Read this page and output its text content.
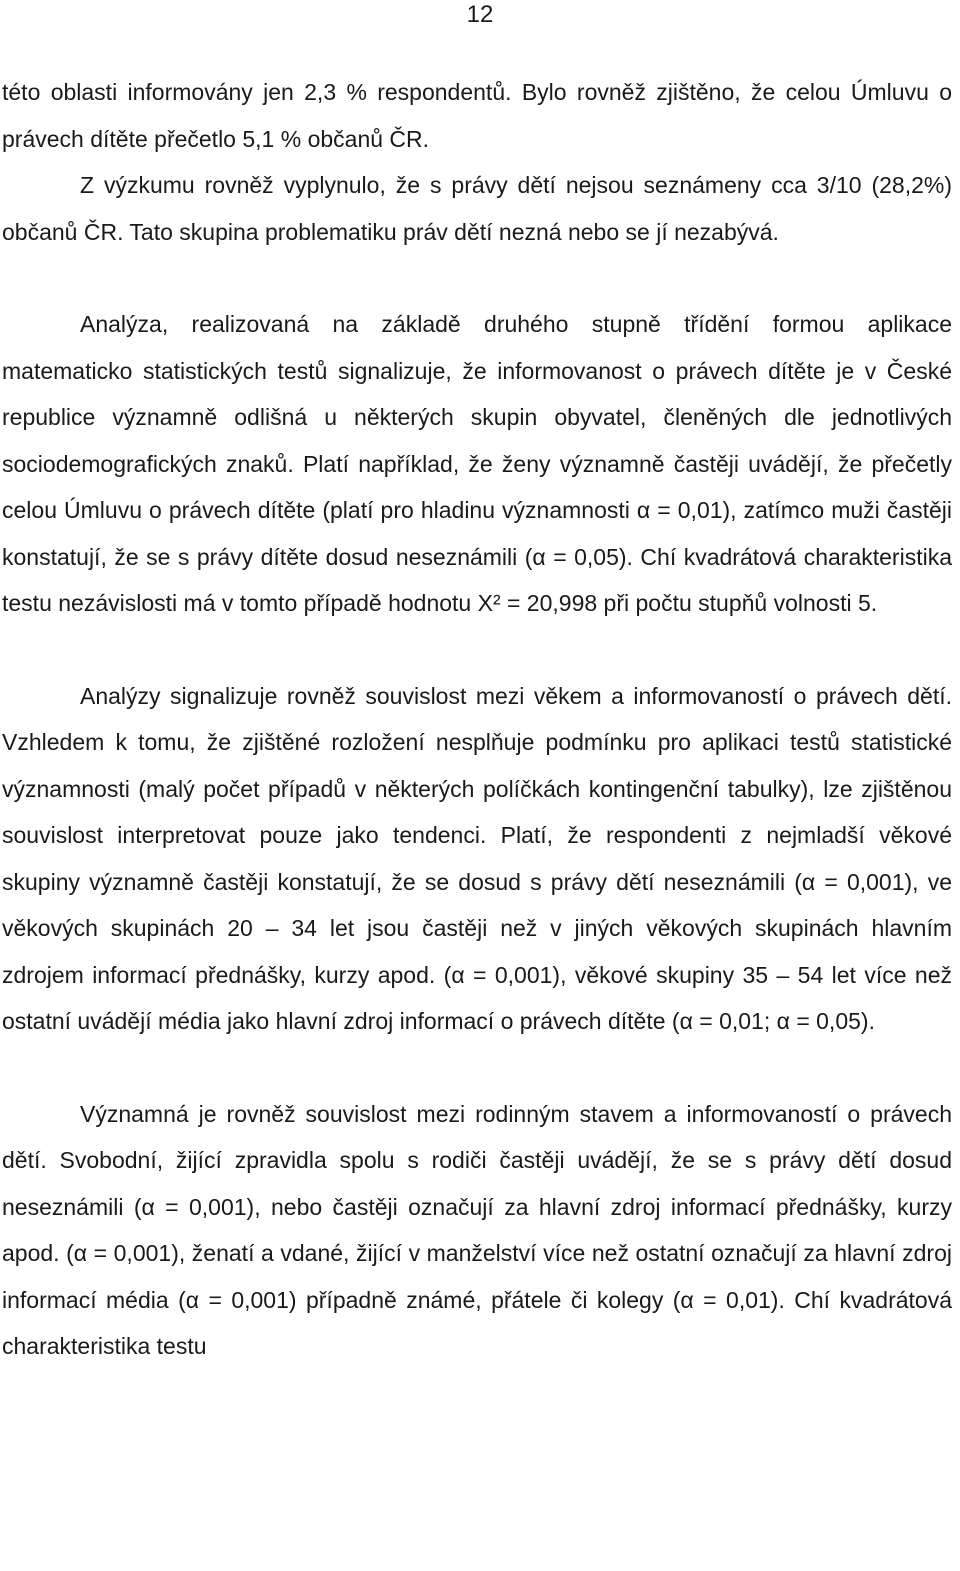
12

této oblasti informovány jen 2,3 % respondentů. Bylo rovněž zjištěno, že celou Úmluvu o právech dítěte přečetlo 5,1 % občanů ČR.

Z výzkumu rovněž vyplynulo, že s právy dětí nejsou seznámeny cca 3/10 (28,2%) občanů ČR. Tato skupina problematiku práv dětí nezná nebo se jí nezabývá.

Analýza, realizovaná na základě druhého stupně třídění formou aplikace matematicko statistických testů signalizuje, že informovanost o právech dítěte je v České republice významně odlišná u některých skupin obyvatel, členěných dle jednotlivých sociodemografických znaků. Platí například, že ženy významně častěji uvádějí, že přečetly celou Úmluvu o právech dítěte (platí pro hladinu významnosti α = 0,01), zatímco muži častěji konstatují, že se s právy dítěte dosud neseznámili (α = 0,05). Chí kvadrátová charakteristika testu nezávislosti má v tomto případě hodnotu Χ² = 20,998 při počtu stupňů volnosti 5.

Analýzy signalizuje rovněž souvislost mezi věkem a informovaností o právech dětí. Vzhledem k tomu, že zjištěné rozložení nesplňuje podmínku pro aplikaci testů statistické významnosti (malý počet případů v některých políčkách kontingenční tabulky), lze zjištěnou souvislost interpretovat pouze jako tendenci. Platí, že respondenti z nejmladší věkové skupiny významně častěji konstatují, že se dosud s právy dětí neseznámili (α = 0,001), ve věkových skupinách 20 – 34 let jsou častěji než v jiných věkových skupinách hlavním zdrojem informací přednášky, kurzy apod. (α = 0,001), věkové skupiny 35 – 54 let více než ostatní uvádějí média jako hlavní zdroj informací o právech dítěte (α = 0,01; α = 0,05).

Významná je rovněž souvislost mezi rodinným stavem a informovaností o právech dětí. Svobodní, žijící zpravidla spolu s rodiči častěji uvádějí, že se s právy dětí dosud neseznámili (α = 0,001), nebo častěji označují za hlavní zdroj informací přednášky, kurzy apod. (α = 0,001), ženatí a vdané, žijící v manželství více než ostatní označují za hlavní zdroj informací média (α = 0,001) případně známé, přátele či kolegy (α = 0,01). Chí kvadrátová charakteristika testu
